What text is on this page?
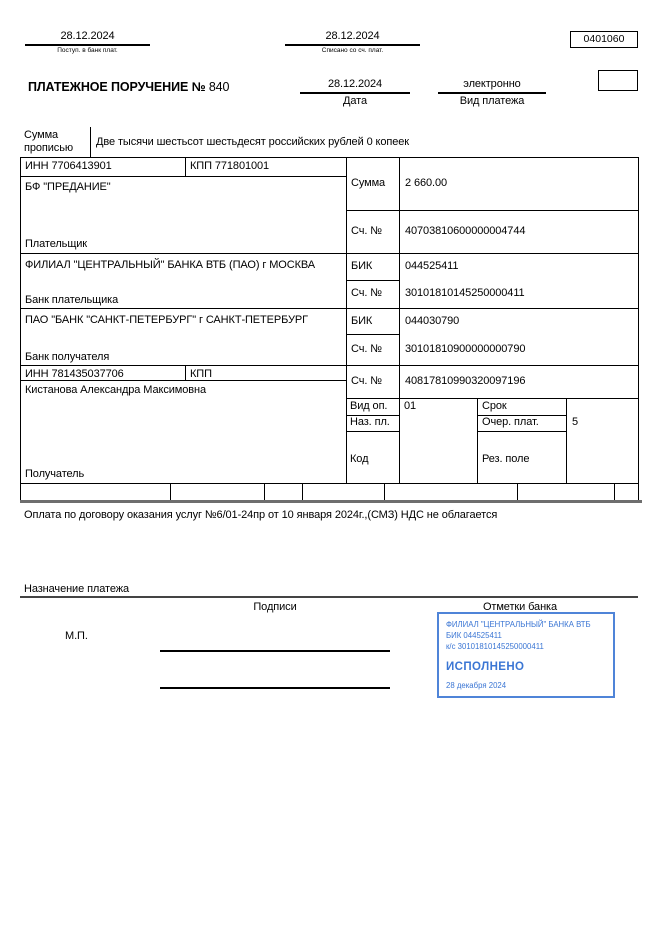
28.12.2024
Поступ. в банк плат.
28.12.2024
Списано со сч. плат.
0401060
ПЛАТЕЖНОЕ ПОРУЧЕНИЕ № 840	28.12.2024
Дата
электронно
Вид платежа
Сумма
прописью Две тысячи шестьсот шестьдесят российских рублей 0 копеек
ИНН 7706413901	КПП 771801001
БФ "ПРЕДАНИЕ"
Плательщик
Сумма 2 660.00
Сч. № 40703810600000004744
ФИЛИАЛ "ЦЕНТРАЛЬНЫЙ" БАНКА ВТБ (ПАО) г МОСКВА
Банк плательщика
БИК	044525411
Сч. № 30101810145250000411
ПАО "БАНК "САНКТ-ПЕТЕРБУРГ" г САНКТ-ПЕТЕРБУРГ
Банк получателя
БИК	044030790
Сч. № 30101810900000000790
ИНН 781435037706	КПП
Кистанова Александра Максимовна
Получатель
Сч. № 40817810990320097196
Вид оп. 01	Срок
Наз. пл.	Очер. плат.	5
Код	Рез. поле
Оплата по договору оказания услуг №6/01-24пр от 10 января 2024г.,(СМЗ) НДС не облагается
Назначение платежа
Подписи	Отметки банка
М.П.
ФИЛИАЛ "ЦЕНТРАЛЬНЫЙ" БАНКА ВТБ
БИК 044525411
к/с 30101810145250000411
ИСПОЛНЕНО
28 декабря 2024
